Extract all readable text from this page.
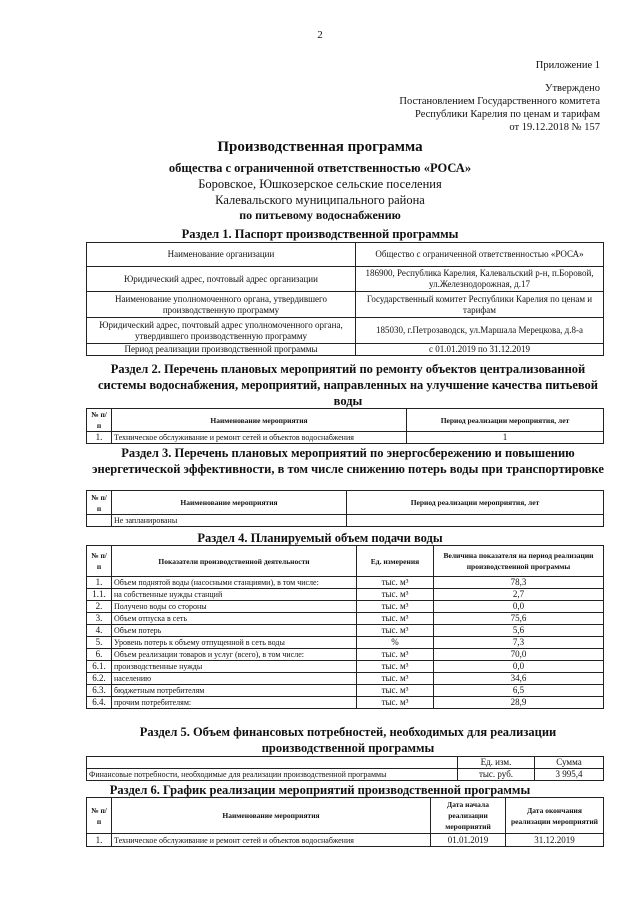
2
Приложение 1
Утверждено
Постановлением Государственного комитета
Республики Карелия по ценам и тарифам
от 19.12.2018 № 157
Производственная программа
общества с ограниченной ответственностью «РОСА»
Боровское, Юшкозерское сельские поселения
Калевальского муниципального района
по питьевому водоснабжению
Раздел 1. Паспорт производственной программы
Наименование организации	Общество с ограниченной ответственностью «РОСА»
Юридический адрес, почтовый адрес организации	186900, Республика Карелия, Калевальский р-н, п.Боровой, ул.Железнодорожная, д.17
Наименование уполномоченного органа, утвердившего производственную программу	Государственный комитет Республики Карелия по ценам и тарифам
Юридический адрес, почтовый адрес уполномоченного органа, утвердившего производственную программу	185030, г.Петрозаводск, ул.Маршала Мерецкова, д.8-а
Период реализации производственной программы	с 01.01.2019 по 31.12.2019
Раздел 2. Перечень плановых мероприятий по ремонту объектов централизованной системы водоснабжения, мероприятий, направленных на улучшение качества питьевой воды
№ п/п	Наименование мероприятия	Период реализации мероприятия, лет
1.	Техническое обслуживание и ремонт сетей и объектов водоснабжения	1
Раздел 3. Перечень плановых мероприятий по энергосбережению и повышению энергетической эффективности, в том числе снижению потерь воды при транспортировке
№ п/п	Наименование мероприятия	Период реализации мероприятия, лет
	Не запланированы	
Раздел 4. Планируемый объем подачи воды
№ п/п	Показатели производственной деятельности	Ед. измерения	Величина показателя на период реализации производственной программы
1.	Объем поднятой воды (насосными станциями), в том числе:	тыс. м³	78,3
1.1.	на собственные нужды станций	тыс. м³	2,7
2.	Получено воды со стороны	тыс. м³	0,0
3.	Объем отпуска в сеть	тыс. м³	75,6
4.	Объем потерь	тыс. м³	5,6
5.	Уровень потерь к объему отпущенной в сеть воды	%	7,3
6.	Объем реализации товаров и услуг (всего), в том числе:	тыс. м³	70,0
6.1.	производственные нужды	тыс. м³	0,0
6.2.	населению	тыс. м³	34,6
6.3.	бюджетным потребителям	тыс. м³	6,5
6.4.	прочим потребителям:	тыс. м³	28,9
Раздел 5. Объем финансовых потребностей, необходимых для реализации производственной программы
	Ед. изм.	Сумма
Финансовые потребности, необходимые для реализации производственной программы	тыс. руб.	3 995,4
Раздел 6. График реализации мероприятий производственной программы
№ п/п	Наименование мероприятия	Дата начала реализации мероприятий	Дата окончания реализации мероприятий
1.	Техническое обслуживание и ремонт сетей и объектов водоснабжения	01.01.2019	31.12.2019
